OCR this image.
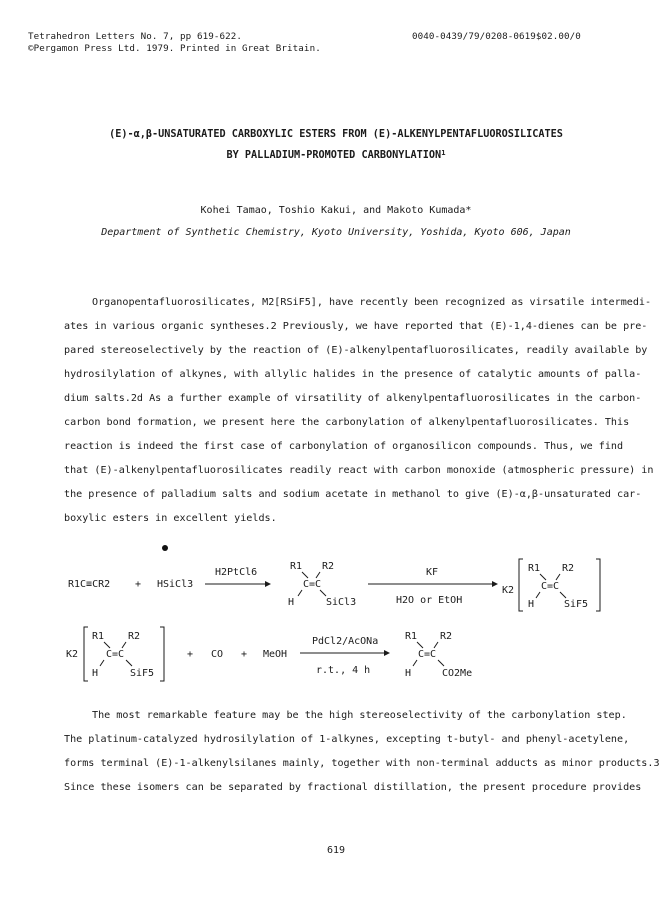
Tetrahedron Letters No. 7, pp 619-622.
©Pergamon Press Ltd. 1979. Printed in Great Britain.
0040-0439/79/0208-0619$02.00/0
(E)-α,β-UNSATURATED CARBOXYLIC ESTERS FROM (E)-ALKENYLPENTAFLUOROSILICATES
BY PALLADIUM-PROMOTED CARBONYLATION$^1$
Kohei Tamao, Toshio Kakui, and Makoto Kumada*
Department of Synthetic Chemistry, Kyoto University, Yoshida, Kyoto 606, Japan
Organopentafluorosilicates, M2[RSiF5], have recently been recognized as virsatile intermedi-
ates in various organic syntheses.2 Previously, we have reported that (E)-1,4-dienes can be pre-
pared stereoselectively by the reaction of (E)-alkenylpentafluorosilicates, readily available by
hydrosilylation of alkynes, with allylic halides in the presence of catalytic amounts of palla-
dium salts.2d As a further example of virsatility of alkenylpentafluorosilicates in the carbon-
carbon bond formation, we present here the carbonylation of alkenylpentafluorosilicates. This
reaction is indeed the first case of carbonylation of organosilicon compounds. Thus, we find
that (E)-alkenylpentafluorosilicates readily react with carbon monoxide (atmospheric pressure) in
the presence of palladium salts and sodium acetate in methanol to give (E)-α,β-unsaturated car-
boxylic esters in excellent yields.
R1C≡CR2 + HSiCl3
H2PtCl6
R1 R2
C=C
H	SiCl3
KF
H2O or EtOH
K2
R1 R2
C=C
H	SiF5
K2
R1 R2
C=C
H	SiF5
+ CO + MeOH
PdCl2/AcONa
r.t., 4 h
R1 R2
C=C
H	CO2Me
The most remarkable feature may be the high stereoselectivity of the carbonylation step.
The platinum-catalyzed hydrosilylation of 1-alkynes, excepting t-butyl- and phenyl-acetylene,
forms terminal (E)-1-alkenylsilanes mainly, together with non-terminal adducts as minor products.3
Since these isomers can be separated by fractional distillation, the present procedure provides
619
